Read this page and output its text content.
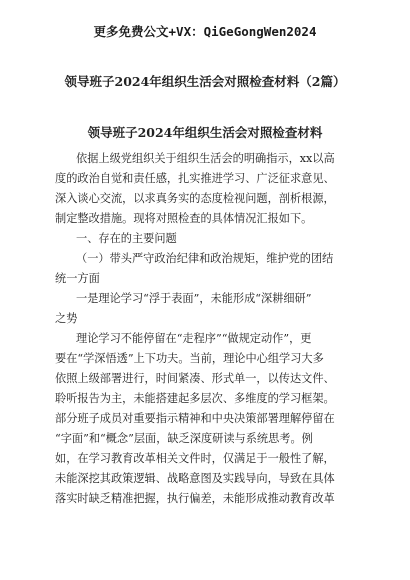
更多免费公文+VX：QiGeGongWen2024
领导班子2024年组织生活会对照检查材料（2篇）
领导班子2024年组织生活会对照检查材料
依据上级党组织关于组织生活会的明确指示，xx以高
度的政治自觉和责任感，扎实推进学习、广泛征求意见、
深入谈心交流，以求真务实的态度检视问题，剖析根源，
制定整改措施。现将对照检查的具体情况汇报如下。
一、存在的主要问题
（一）带头严守政治纪律和政治规矩，维护党的团结
统一方面
一是理论学习“浮于表面”，未能形成“深耕细研”
之势
理论学习不能停留在“走程序”“做规定动作”，更
要在“学深悟透”上下功夫。当前，理论中心组学习大多
依照上级部署进行，时间紧凑、形式单一，以传达文件、
聆听报告为主，未能搭建起多层次、多维度的学习框架。
部分班子成员对重要指示精神和中央决策部署理解停留在
“字面”和“概念”层面，缺乏深度研读与系统思考。例
如，在学习教育改革相关文件时，仅满足于一般性了解，
未能深挖其政策逻辑、战略意图及实践导向，导致在具体
落实时缺乏精准把握，执行偏差，未能形成推动教育改革
